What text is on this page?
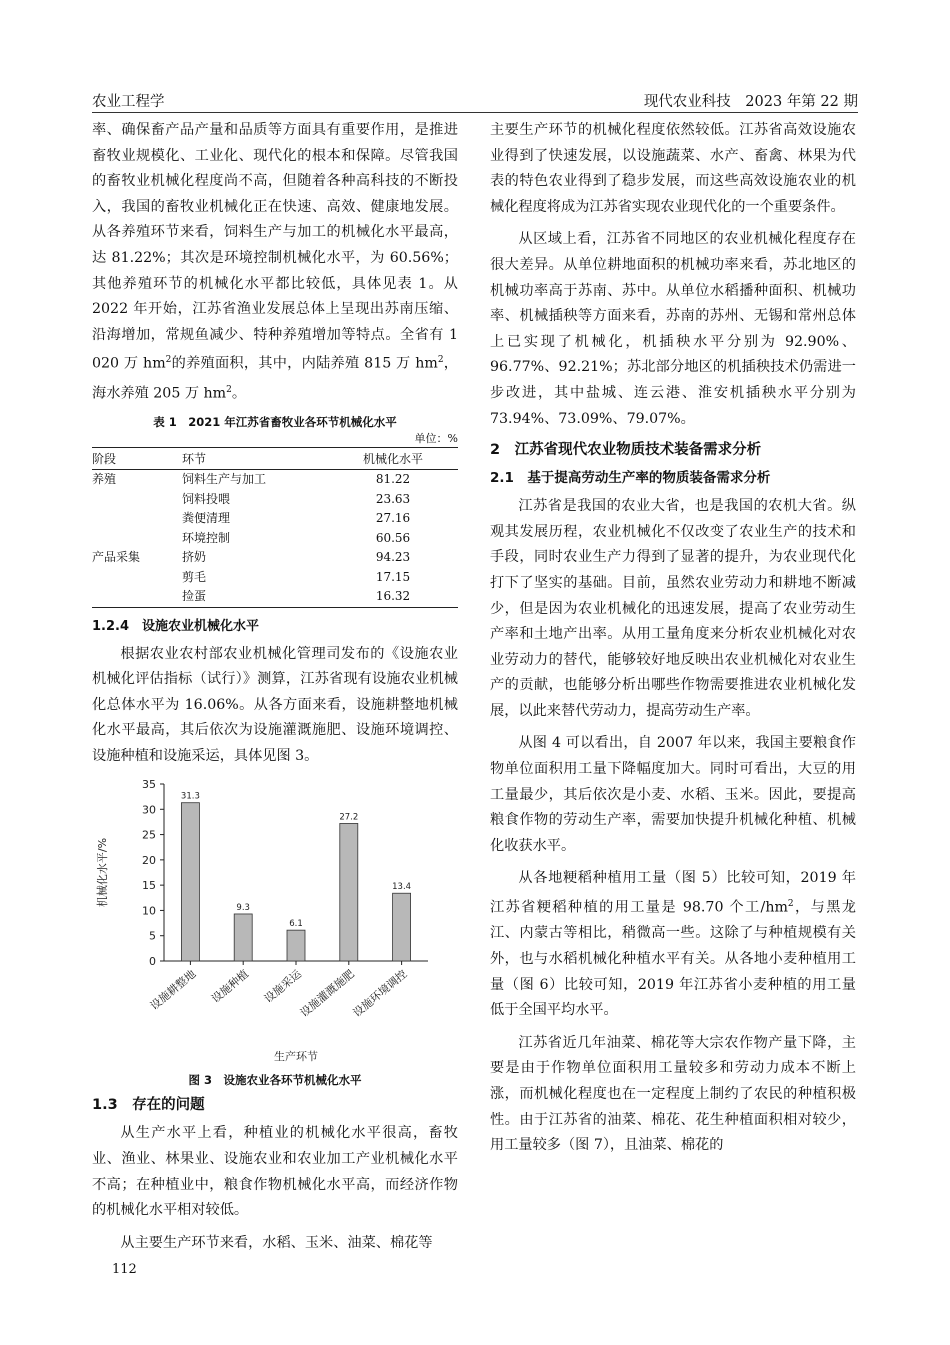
农业工程学	现代农业科技　2023 年第 22 期

率、确保畜产品产量和品质等方面具有重要作用，是推进畜牧业规模化、工业化、现代化的根本和保障。尽管我国的畜牧业机械化程度尚不高，但随着各种高科技的不断投入，我国的畜牧业机械化正在快速、高效、健康地发展。从各养殖环节来看，饲料生产与加工的机械化水平最高，达 81.22%；其次是环境控制机械化水平，为 60.56%；其他养殖环节的机械化水平都比较低，具体见表 1。从 2022 年开始，江苏省渔业发展总体上呈现出苏南压缩、沿海增加，常规鱼减少、特种养殖增加等特点。全省有 1 020 万 $hm^2$的养殖面积，其中，内陆养殖 815 万 $hm^2$，海水养殖 205 万 $hm^2$。

表 1　2021 年江苏省畜牧业各环节机械化水平
单位：%
阶段	环节	机械化水平
养殖	饲料生产与加工	81.22
	饲料投喂	23.63
	粪便清理	27.16
	环境控制	60.56
产品采集	挤奶	94.23
	剪毛	17.15
	捡蛋	16.32
1.2.4　设施农业机械化水平

根据农业农村部农业机械化管理司发布的《设施农业机械化评估指标（试行）》测算，江苏省现有设施农业机械化总体水平为 16.06%。从各方面来看，设施耕整地机械化水平最高，其后依次为设施灌溉施肥、设施环境调控、设施种植和设施采运，具体见图 3。

0
5
10
15
20
25
30
35
31.3
设施耕整地
9.3
设施种植
6.1
设施采运
27.2
设施灌溉施肥
13.4
设施环境调控
机械化水平/%
生产环节
图 3　设施农业各环节机械化水平
1.3　存在的问题

从生产水平上看，种植业的机械化水平很高，畜牧业、渔业、林果业、设施农业和农业加工产业机械化水平不高；在种植业中，粮食作物机械化水平高，而经济作物的机械化水平相对较低。

从主要生产环节来看，水稻、玉米、油菜、棉花等

主要生产环节的机械化程度依然较低。江苏省高效设施农业得到了快速发展，以设施蔬菜、水产、畜禽、林果为代表的特色农业得到了稳步发展，而这些高效设施农业的机械化程度将成为江苏省实现农业现代化的一个重要条件。

从区域上看，江苏省不同地区的农业机械化程度存在很大差异。从单位耕地面积的机械功率来看，苏北地区的机械功率高于苏南、苏中。从单位水稻播种面积、机械功率、机械插秧等方面来看，苏南的苏州、无锡和常州总体上已实现了机械化，机插秧水平分别为 92.90%、96.77%、92.21%；苏北部分地区的机插秧技术仍需进一步改进，其中盐城、连云港、淮安机插秧水平分别为 73.94%、73.09%、79.07%。

2　江苏省现代农业物质技术装备需求分析
2.1　基于提高劳动生产率的物质装备需求分析

江苏省是我国的农业大省，也是我国的农机大省。纵观其发展历程，农业机械化不仅改变了农业生产的技术和手段，同时农业生产力得到了显著的提升，为农业现代化打下了坚实的基础。目前，虽然农业劳动力和耕地不断减少，但是因为农业机械化的迅速发展，提高了农业劳动生产率和土地产出率。从用工量角度来分析农业机械化对农业劳动力的替代，能够较好地反映出农业机械化对农业生产的贡献，也能够分析出哪些作物需要推进农业机械化发展，以此来替代劳动力，提高劳动生产率。

从图 4 可以看出，自 2007 年以来，我国主要粮食作物单位面积用工量下降幅度加大。同时可看出，大豆的用工量最少，其后依次是小麦、水稻、玉米。因此，要提高粮食作物的劳动生产率，需要加快提升机械化种植、机械化收获水平。

从各地粳稻种植用工量（图 5）比较可知，2019 年江苏省粳稻种植的用工量是 98.70 个工$/hm^2$，与黑龙江、内蒙古等相比，稍微高一些。这除了与种植规模有关外，也与水稻机械化种植水平有关。从各地小麦种植用工量（图 6）比较可知，2019 年江苏省小麦种植的用工量低于全国平均水平。

江苏省近几年油菜、棉花等大宗农作物产量下降，主要是由于作物单位面积用工量较多和劳动力成本不断上涨，而机械化程度也在一定程度上制约了农民的种植积极性。由于江苏省的油菜、棉花、花生种植面积相对较少，用工量较多（图 7），且油菜、棉花的

112
